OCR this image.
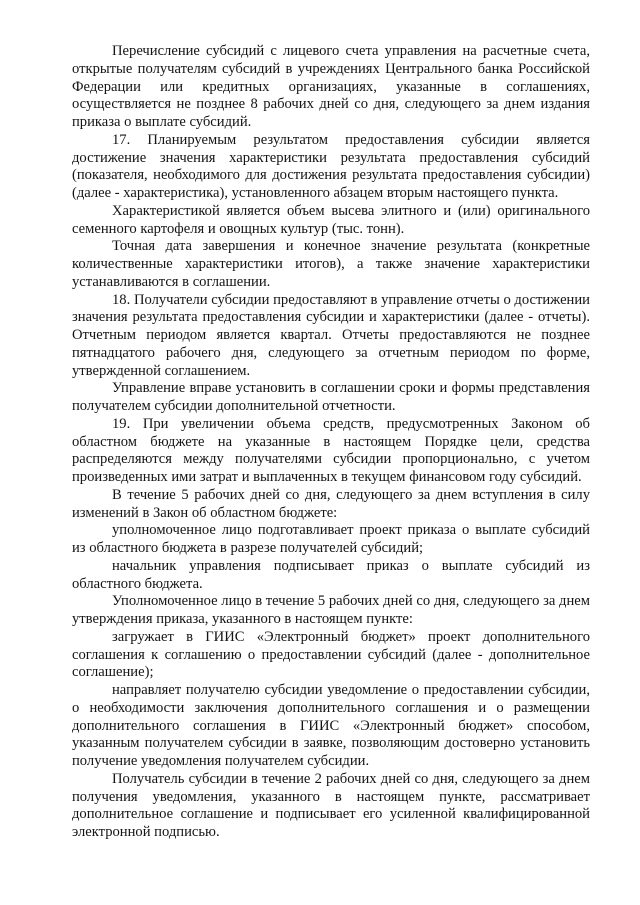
Перечисление субсидий с лицевого счета управления на расчетные счета, открытые получателям субсидий в учреждениях Центрального банка Российской Федерации или кредитных организациях, указанные в соглашениях, осуществляется не позднее 8 рабочих дней со дня, следующего за днем издания приказа о выплате субсидий.

17. Планируемым результатом предоставления субсидии является достижение значения характеристики результата предоставления субсидий (показателя, необходимого для достижения результата предоставления субсидии) (далее - характеристика), установленного абзацем вторым настоящего пункта.

Характеристикой является объем высева элитного и (или) оригинального семенного картофеля и овощных культур (тыс. тонн).

Точная дата завершения и конечное значение результата (конкретные количественные характеристики итогов), а также значение характеристики устанавливаются в соглашении.

18. Получатели субсидии предоставляют в управление отчеты о достижении значения результата предоставления субсидии и характеристики (далее - отчеты). Отчетным периодом является квартал. Отчеты предоставляются не позднее пятнадцатого рабочего дня, следующего за отчетным периодом по форме, утвержденной соглашением.

Управление вправе установить в соглашении сроки и формы представления получателем субсидии дополнительной отчетности.

19. При увеличении объема средств, предусмотренных Законом об областном бюджете на указанные в настоящем Порядке цели, средства распределяются между получателями субсидии пропорционально, с учетом произведенных ими затрат и выплаченных в текущем финансовом году субсидий.

В течение 5 рабочих дней со дня, следующего за днем вступления в силу изменений в Закон об областном бюджете:

уполномоченное лицо подготавливает проект приказа о выплате субсидий из областного бюджета в разрезе получателей субсидий;

начальник управления подписывает приказ о выплате субсидий из областного бюджета.

Уполномоченное лицо в течение 5 рабочих дней со дня, следующего за днем утверждения приказа, указанного в настоящем пункте:

загружает в ГИИС «Электронный бюджет» проект дополнительного соглашения к соглашению о предоставлении субсидий (далее - дополнительное соглашение);

направляет получателю субсидии уведомление о предоставлении субсидии, о необходимости заключения дополнительного соглашения и о размещении дополнительного соглашения в ГИИС «Электронный бюджет» способом, указанным получателем субсидии в заявке, позволяющим достоверно установить получение уведомления получателем субсидии.

Получатель субсидии в течение 2 рабочих дней со дня, следующего за днем получения уведомления, указанного в настоящем пункте, рассматривает дополнительное соглашение и подписывает его усиленной квалифицированной электронной подписью.
